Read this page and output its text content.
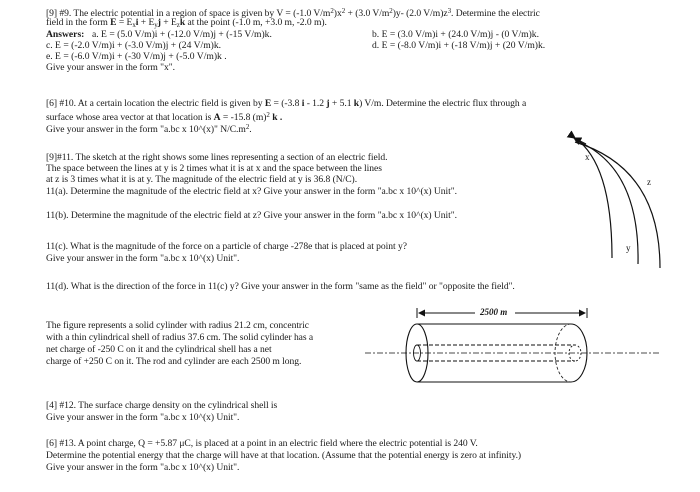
[9] #9. The electric potential in a region of space is given by V = (-1.0 $V/m^2)x^2 + (3.0$ $V/m^2)y-$ (2.0 $V/m)z^3$. Determine the electric
field in the form $E = E_xi + E_yj + E_zk$ at the point (-1.0 m, +3.0 m, -2.0 m).
Answers: a. E = (5.0 V/m)i + (-12.0 V/m)j + (-15 V/m)k.	b. E = (3.0 V/m)i + (24.0 V/m)j - (0 V/m)k.
c. E = (-2.0 V/m)i + (-3.0 V/m)j + (24 V/m)k.	d. E = (-8.0 V/m)i + (-18 V/m)j + (20 V/m)k.
e. E = (-6.0 V/m)i + (-30 V/m)j + (-5.0 V/m)k .
Give your answer in the form "x".
[6] #10. At a certain location the electric field is given by E = (-3.8 i - 1.2 j + 5.1 k) V/m. Determine the electric flux through a
surface whose area vector at that location is A = -15.8 $(m)^2$ k .
Give your answer in the form "a.bc x 10^(x)" $N/C.m^2$.
[9]#11. The sketch at the right shows some lines representing a section of an electric field.
The space between the lines at y is 2 times what it is at x and the space between the lines
at z is 3 times what it is at y. The magnitude of the electric field at y is 36.8 (N/C).
11(a). Determine the magnitude of the electric field at x? Give your answer in the form "a.bc x 10^(x) Unit".
11(b). Determine the magnitude of the electric field at z? Give your answer in the form "a.bc x 10^(x) Unit".
11(c). What is the magnitude of the force on a particle of charge -278e that is placed at point y?
Give your answer in the form "a.bc x 10^(x) Unit".
11(d). What is the direction of the force in 11(c) y? Give your answer in the form "same as the field" or "opposite the field".
x
z
y
The figure represents a solid cylinder with radius 21.2 cm, concentric
with a thin cylindrical shell of radius 37.6 cm. The solid cylinder has a
net charge of -250 C on it and the cylindrical shell has a net
charge of +250 C on it. The rod and cylinder are each 2500 m long.
2500 m
[4] #12. The surface charge density on the cylindrical shell is
Give your answer in the form "a.bc x 10^(x) Unit".
[6] #13. A point charge, Q = +5.87 μC, is placed at a point in an electric field where the electric potential is 240 V.
Determine the potential energy that the charge will have at that location. (Assume that the potential energy is zero at infinity.)
Give your answer in the form "a.bc x 10^(x) Unit".
